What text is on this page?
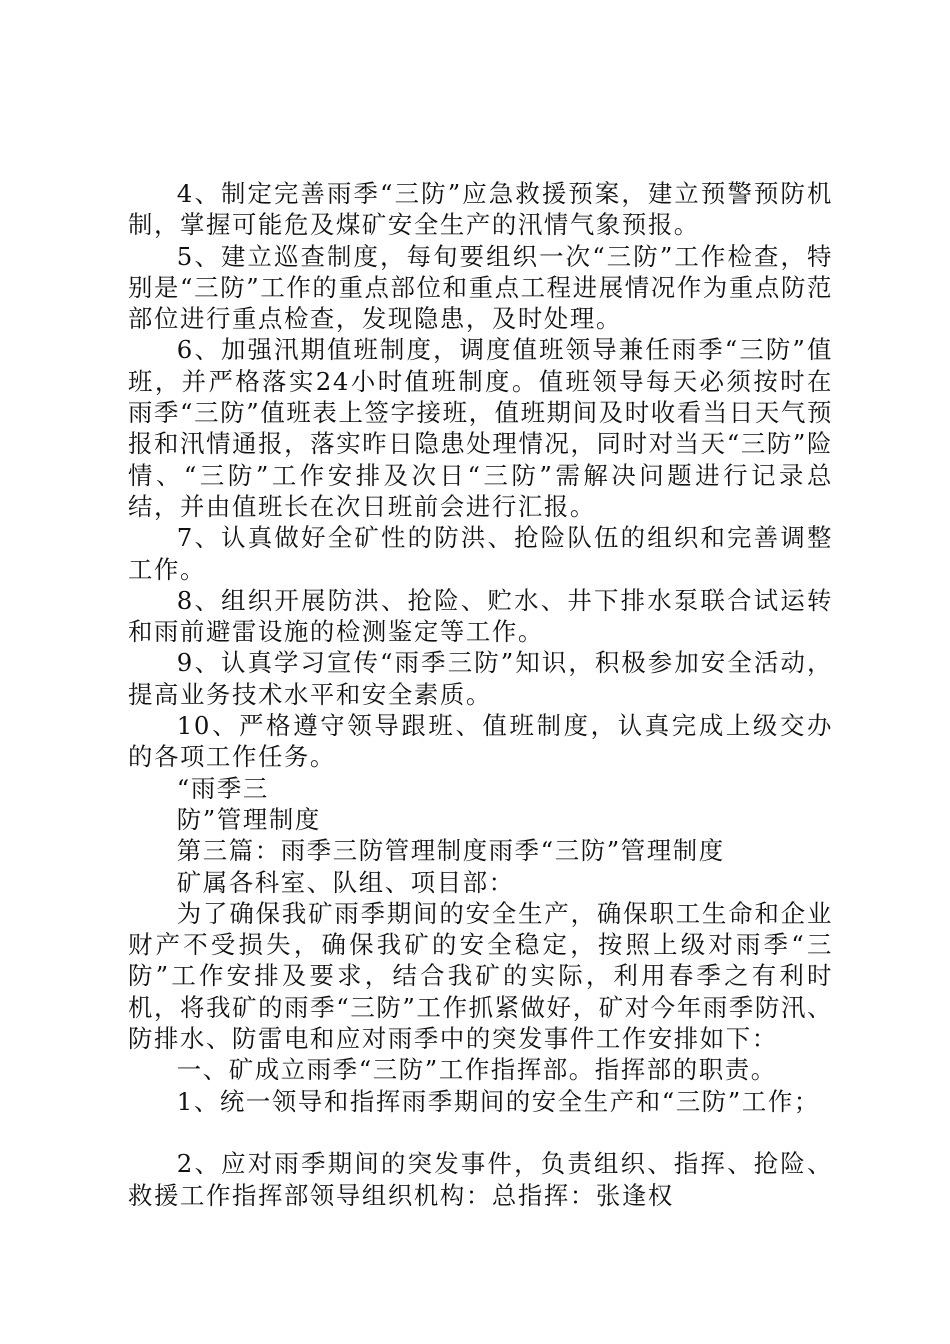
4、制定完善雨季“三防”应急救援预案，建立预警预防机制，掌握可能危及煤矿安全生产的汛情气象预报。

5、建立巡查制度，每旬要组织一次“三防”工作检查，特别是“三防”工作的重点部位和重点工程进展情况作为重点防范部位进行重点检查，发现隐患，及时处理。

6、加强汛期值班制度，调度值班领导兼任雨季“三防”值班，并严格落实24小时值班制度。值班领导每天必须按时在雨季“三防”值班表上签字接班，值班期间及时收看当日天气预报和汛情通报，落实昨日隐患处理情况，同时对当天“三防”险情、“三防”工作安排及次日“三防”需解决问题进行记录总结，并由值班长在次日班前会进行汇报。

7、认真做好全矿性的防洪、抢险队伍的组织和完善调整工作。

8、组织开展防洪、抢险、贮水、井下排水泵联合试运转和雨前避雷设施的检测鉴定等工作。

9、认真学习宣传“雨季三防”知识，积极参加安全活动，提高业务技术水平和安全素质。

10、严格遵守领导跟班、值班制度，认真完成上级交办的各项工作任务。

“雨季三

防”管理制度

第三篇：雨季三防管理制度雨季“三防”管理制度

矿属各科室、队组、项目部：

为了确保我矿雨季期间的安全生产，确保职工生命和企业财产不受损失，确保我矿的安全稳定，按照上级对雨季“三防”工作安排及要求，结合我矿的实际，利用春季之有利时机，将我矿的雨季“三防”工作抓紧做好，矿对今年雨季防汛、防排水、防雷电和应对雨季中的突发事件工作安排如下：

一、矿成立雨季“三防”工作指挥部。指挥部的职责。

1、统一领导和指挥雨季期间的安全生产和“三防”工作；

2、应对雨季期间的突发事件，负责组织、指挥、抢险、救援工作指挥部领导组织机构：总指挥：张逢权
